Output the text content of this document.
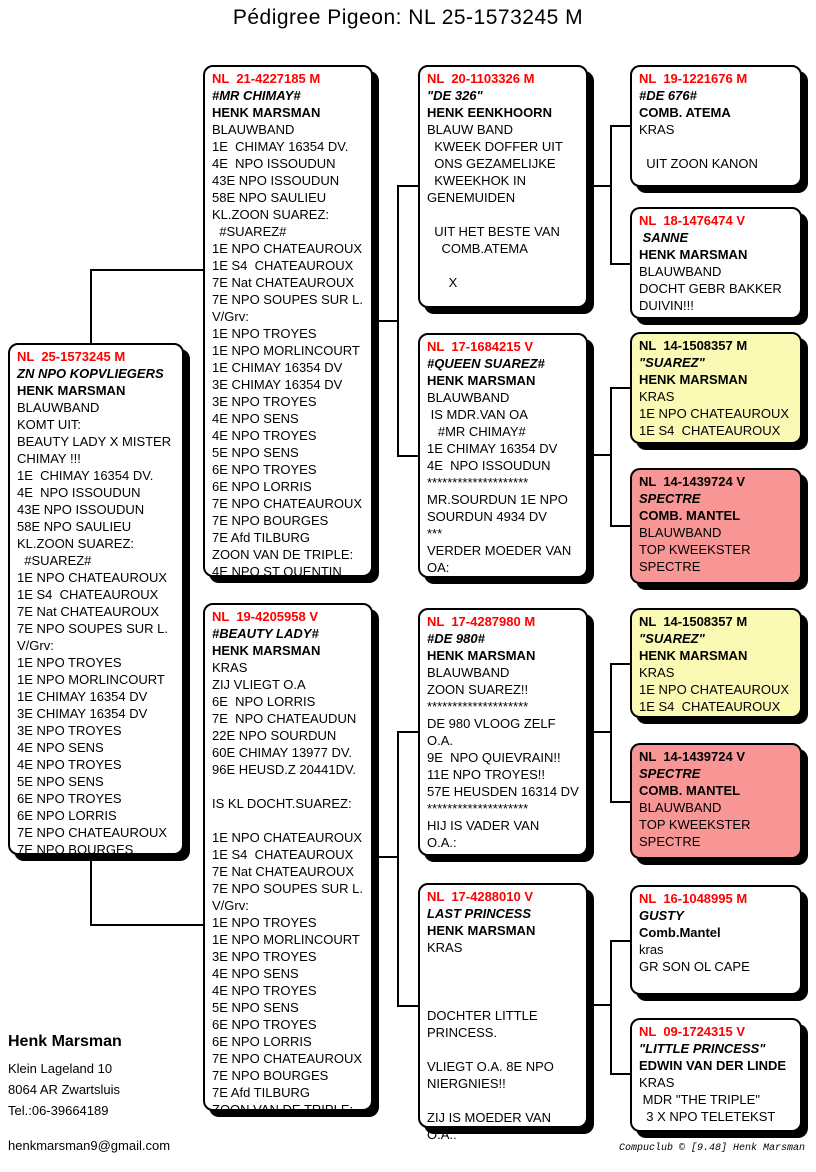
Pédigree Pigeon: NL 25-1573245 M
NL  25-1573245 M
ZN NPO KOPVLIEGERS
HENK MARSMAN
BLAUWBAND
KOMT UIT:
BEAUTY LADY X MISTER
CHIMAY !!!
1E  CHIMAY 16354 DV.
4E  NPO ISSOUDUN
43E NPO ISSOUDUN
58E NPO SAULIEU
KL.ZOON SUAREZ:
#SUAREZ#
1E NPO CHATEAUROUX
1E S4  CHATEAUROUX
7E Nat CHATEAUROUX
7E NPO SOUPES SUR L.
V/Grv:
1E NPO TROYES
1E NPO MORLINCOURT
1E CHIMAY 16354 DV
3E CHIMAY 16354 DV
3E NPO TROYES
4E NPO SENS
4E NPO TROYES
5E NPO SENS
6E NPO TROYES
6E NPO LORRIS
7E NPO CHATEAUROUX
7E NPO BOURGES
NL  21-4227185 M
#MR CHIMAY#
HENK MARSMAN
BLAUWBAND
1E  CHIMAY 16354 DV.
4E  NPO ISSOUDUN
43E NPO ISSOUDUN
58E NPO SAULIEU
KL.ZOON SUAREZ:
#SUAREZ#
1E NPO CHATEAUROUX
1E S4  CHATEAUROUX
7E Nat CHATEAUROUX
7E NPO SOUPES SUR L.
V/Grv:
1E NPO TROYES
1E NPO MORLINCOURT
1E CHIMAY 16354 DV
3E CHIMAY 16354 DV
3E NPO TROYES
4E NPO SENS
4E NPO TROYES
5E NPO SENS
6E NPO TROYES
6E NPO LORRIS
7E NPO CHATEAUROUX
7E NPO BOURGES
7E Afd TILBURG
ZOON VAN DE TRIPLE:
4E NPO ST QUENTIN
NL  19-4205958 V
#BEAUTY LADY#
HENK MARSMAN
KRAS
ZIJ VLIEGT O.A
6E  NPO LORRIS
7E  NPO CHATEAUDUN
22E NPO SOURDUN
60E CHIMAY 13977 DV.
96E HEUSD.Z 20441DV.

IS KL DOCHT.SUAREZ:

1E NPO CHATEAUROUX
1E S4  CHATEAUROUX
7E Nat CHATEAUROUX
7E NPO SOUPES SUR L.
V/Grv:
1E NPO TROYES
1E NPO MORLINCOURT
3E NPO TROYES
4E NPO SENS
4E NPO TROYES
5E NPO SENS
6E NPO TROYES
6E NPO LORRIS
7E NPO CHATEAUROUX
7E NPO BOURGES
7E Afd TILBURG
ZOON VAN DE TRIPLE:
NL  20-1103326 M
"DE 326"
HENK EENKHOORN
BLAUW BAND
KWEEK DOFFER UIT
ONS GEZAMELIJKE
KWEEKHOK IN
GENEMUIDEN

UIT HET BESTE VAN
COMB.ATEMA

X
NL  17-1684215 V
#QUEEN SUAREZ#
HENK MARSMAN
BLAUWBAND
IS MDR.VAN OA
#MR CHIMAY#
1E CHIMAY 16354 DV
4E  NPO ISSOUDUN
********************
MR.SOURDUN 1E NPO
SOURDUN 4934 DV
***
VERDER MOEDER VAN
OA:
NL  17-4287980 M
#DE 980#
HENK MARSMAN
BLAUWBAND
ZOON SUAREZ!!
********************
DE 980 VLOOG ZELF
O.A.
9E  NPO QUIEVRAIN!!
11E NPO TROYES!!
57E HEUSDEN 16314 DV
********************
HIJ IS VADER VAN
O.A.:
NL  17-4288010 V
LAST PRINCESS
HENK MARSMAN
KRAS

DOCHTER LITTLE
PRINCESS.

VLIEGT O.A. 8E NPO
NIERGNIES!!

ZIJ IS MOEDER VAN
O.A.:
NL  19-1221676 M
#DE 676#
COMB. ATEMA
KRAS

UIT ZOON KANON
NL  18-1476474 V
SANNE
HENK MARSMAN
BLAUWBAND
DOCHT GEBR BAKKER
DUIVIN!!!
NL  14-1508357 M
"SUAREZ"
HENK MARSMAN
KRAS
1E NPO CHATEAUROUX
1E S4  CHATEAUROUX
NL  14-1439724 V
SPECTRE
COMB. MANTEL
BLAUWBAND
TOP KWEEKSTER
SPECTRE
NL  14-1508357 M
"SUAREZ"
HENK MARSMAN
KRAS
1E NPO CHATEAUROUX
1E S4  CHATEAUROUX
NL  14-1439724 V
SPECTRE
COMB. MANTEL
BLAUWBAND
TOP KWEEKSTER
SPECTRE
NL  16-1048995 M
GUSTY
Comb.Mantel
kras
GR SON OL CAPE
NL  09-1724315 V
"LITTLE PRINCESS"
EDWIN VAN DER LINDE
KRAS
MDR "THE TRIPLE"
3 X NPO TELETEKST
Henk Marsman
Klein Lageland 10
8064 AR Zwartsluis
Tel.:06-39664189
henkmarsman9@gmail.com	Compuclub © [9.48] Henk Marsman
